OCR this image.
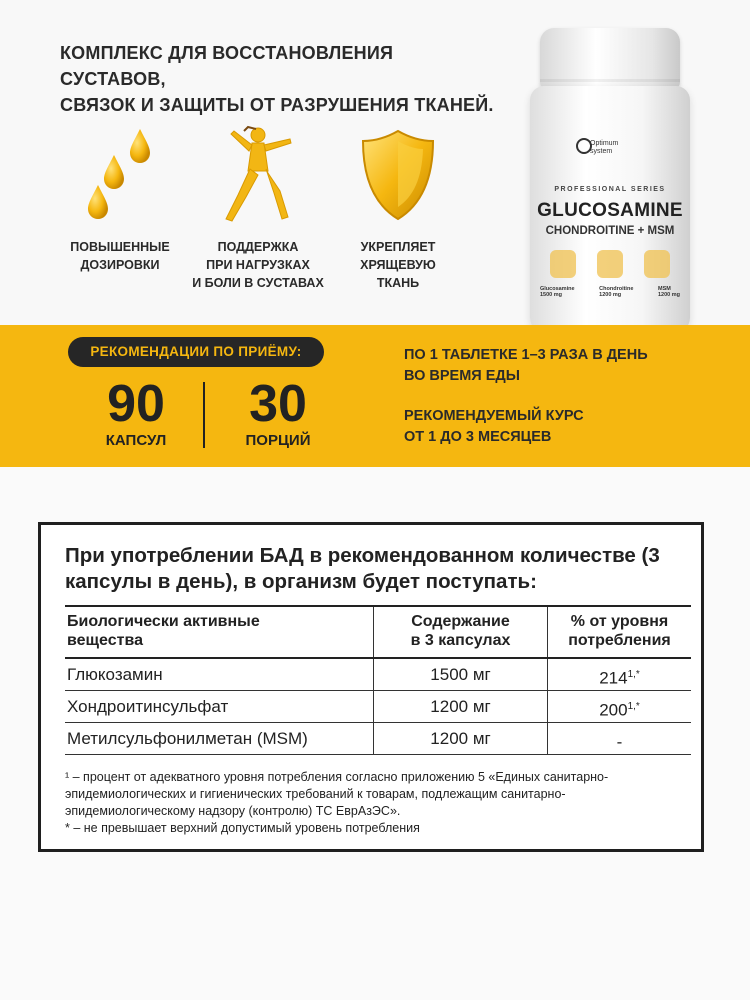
КОМПЛЕКС ДЛЯ ВОССТАНОВЛЕНИЯ СУСТАВОВ,
СВЯЗОК И ЗАЩИТЫ ОТ РАЗРУШЕНИЯ ТКАНЕЙ.
ПОВЫШЕННЫЕ
ДОЗИРОВКИ
ПОДДЕРЖКА
ПРИ НАГРУЗКАХ
И БОЛИ В СУСТАВАХ
УКРЕПЛЯЕТ
ХРЯЩЕВУЮ
ТКАНЬ
Optimum
system
PROFESSIONAL SERIES
GLUCOSAMINE
CHONDROITINE + MSM
Glucosamine
1500 mg
Chondroitine
1200 mg
MSM
1200 mg
РЕКОМЕНДАЦИИ ПО ПРИЁМУ:
90
КАПСУЛ
30
ПОРЦИЙ
ПО 1 ТАБЛЕТКЕ 1–3 РАЗА В ДЕНЬ
ВО ВРЕМЯ ЕДЫ
РЕКОМЕНДУЕМЫЙ КУРС
ОТ 1 ДО 3 МЕСЯЦЕВ
При употреблении БАД в рекомендованном количестве (3 капсулы в день), в организм будет поступать:
Биологически активные
вещества
Содержание
в 3 капсулах
% от уровня
потребления
Глюкозамин	1500 мг	$214^{1,*}$
Хондроитинсульфат	1200 мг	$200^{1,*}$
Метилсульфонилметан (MSM)	1200 мг	-
¹ – процент от адекватного уровня потребления согласно приложению 5 «Единых санитарно-эпидемиологических и гигиенических требований к товарам, подлежащим санитарно-эпидемиологическому надзору (контролю) ТС ЕврАзЭС».
* – не превышает верхний допустимый уровень потребления
